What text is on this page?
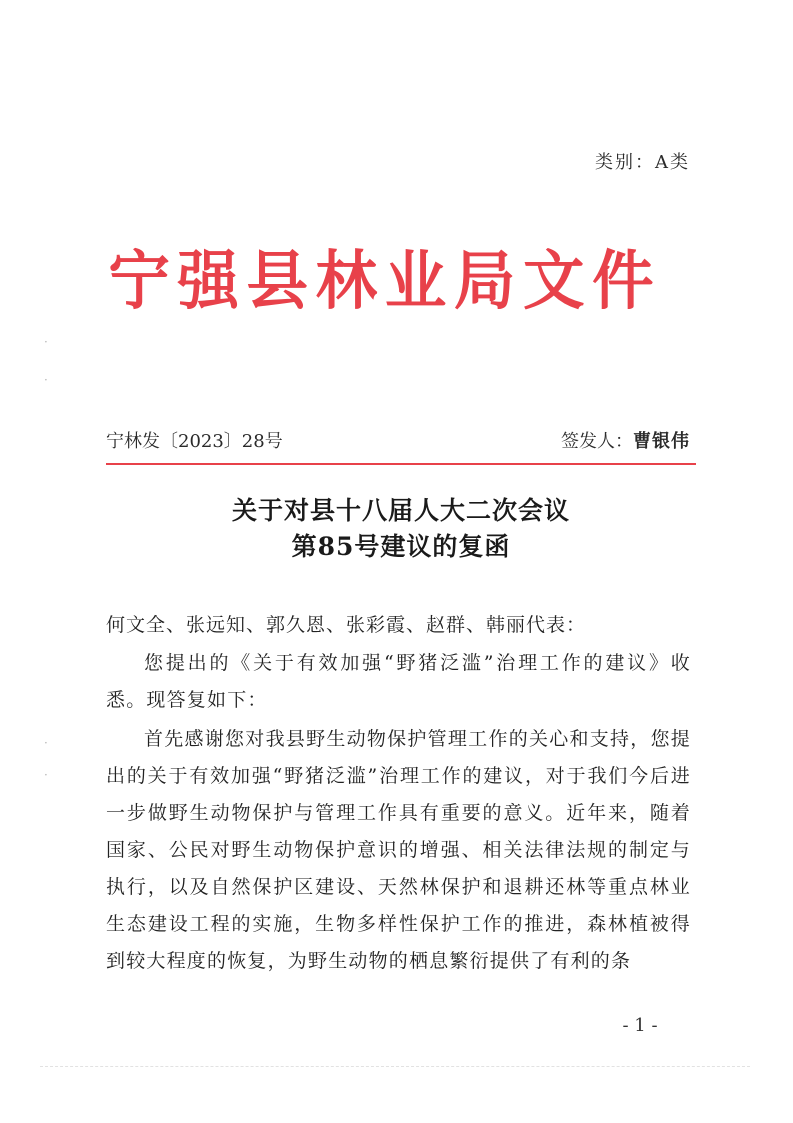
类别：A类
宁强县林业局文件
宁林发〔2023〕28号	签发人：曹银伟
关于对县十八届人大二次会议
第85号建议的复函
何文全、张远知、郭久恩、张彩霞、赵群、韩丽代表：
您提出的《关于有效加强“野猪泛滥”治理工作的建议》收悉。现答复如下：
首先感谢您对我县野生动物保护管理工作的关心和支持，您提出的关于有效加强“野猪泛滥”治理工作的建议，对于我们今后进一步做野生动物保护与管理工作具有重要的意义。近年来，随着国家、公民对野生动物保护意识的增强、相关法律法规的制定与执行，以及自然保护区建设、天然林保护和退耕还林等重点林业生态建设工程的实施，生物多样性保护工作的推进，森林植被得到较大程度的恢复，为野生动物的栖息繁衍提供了有利的条
- 1 -
·
·
·
·
